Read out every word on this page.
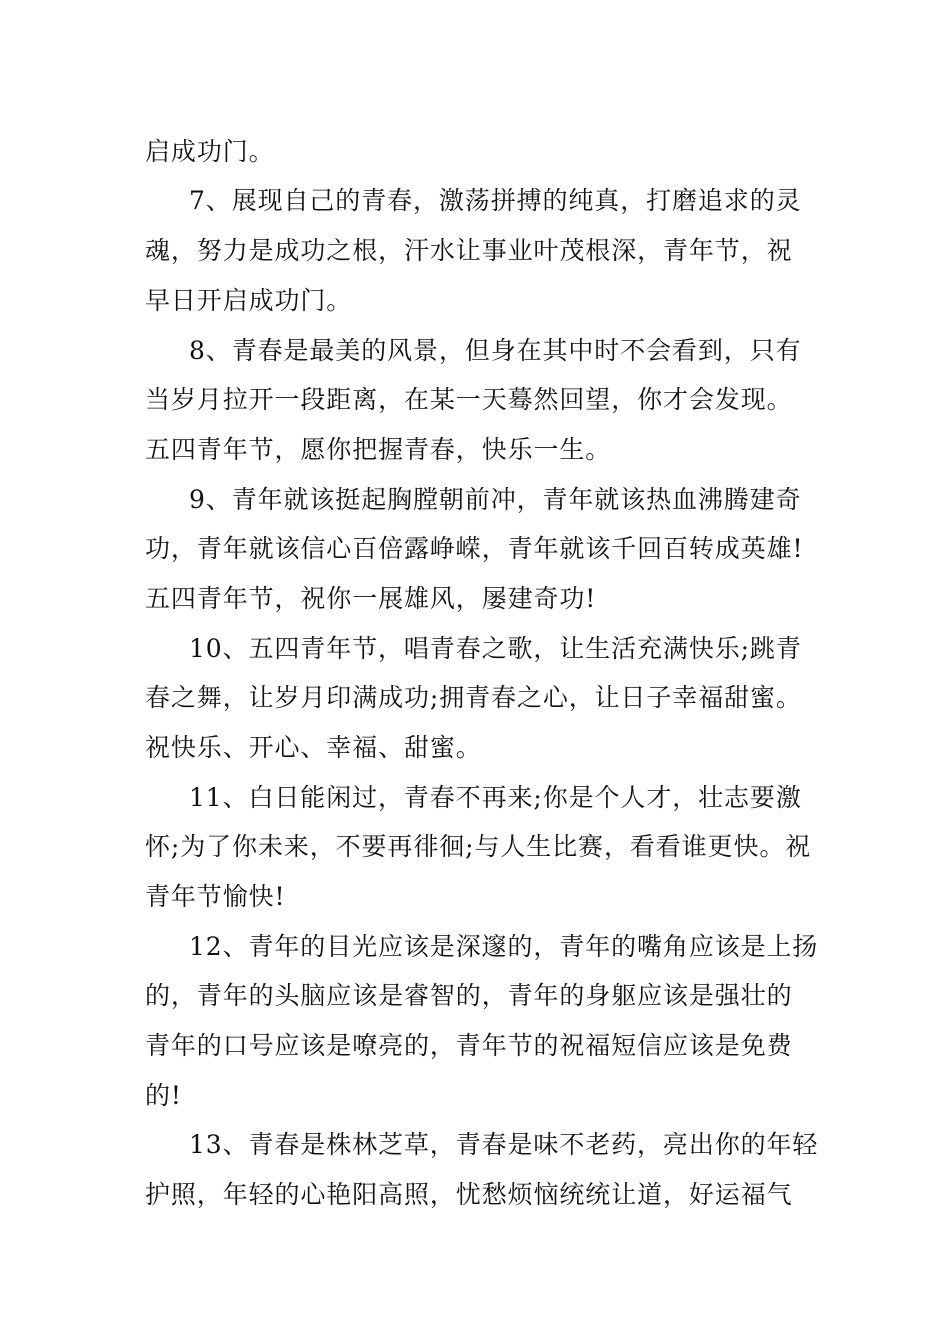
启成功门。
7、展现自己的青春，激荡拼搏的纯真，打磨追求的灵
魂，努力是成功之根，汗水让事业叶茂根深，青年节，祝
早日开启成功门。
8、青春是最美的风景，但身在其中时不会看到，只有
当岁月拉开一段距离，在某一天蓦然回望，你才会发现。
五四青年节，愿你把握青春，快乐一生。
9、青年就该挺起胸膛朝前冲，青年就该热血沸腾建奇
功，青年就该信心百倍露峥嵘，青年就该千回百转成英雄!
五四青年节，祝你一展雄风，屡建奇功!
10、五四青年节，唱青春之歌，让生活充满快乐;跳青
春之舞，让岁月印满成功;拥青春之心，让日子幸福甜蜜。
祝快乐、开心、幸福、甜蜜。
11、白日能闲过，青春不再来;你是个人才，壮志要激
怀;为了你未来，不要再徘徊;与人生比赛，看看谁更快。祝
青年节愉快!
12、青年的目光应该是深邃的，青年的嘴角应该是上扬
的，青年的头脑应该是睿智的，青年的身躯应该是强壮的
青年的口号应该是嘹亮的，青年节的祝福短信应该是免费
的!
13、青春是株林芝草，青春是味不老药，亮出你的年轻
护照，年轻的心艳阳高照，忧愁烦恼统统让道，好运福气
